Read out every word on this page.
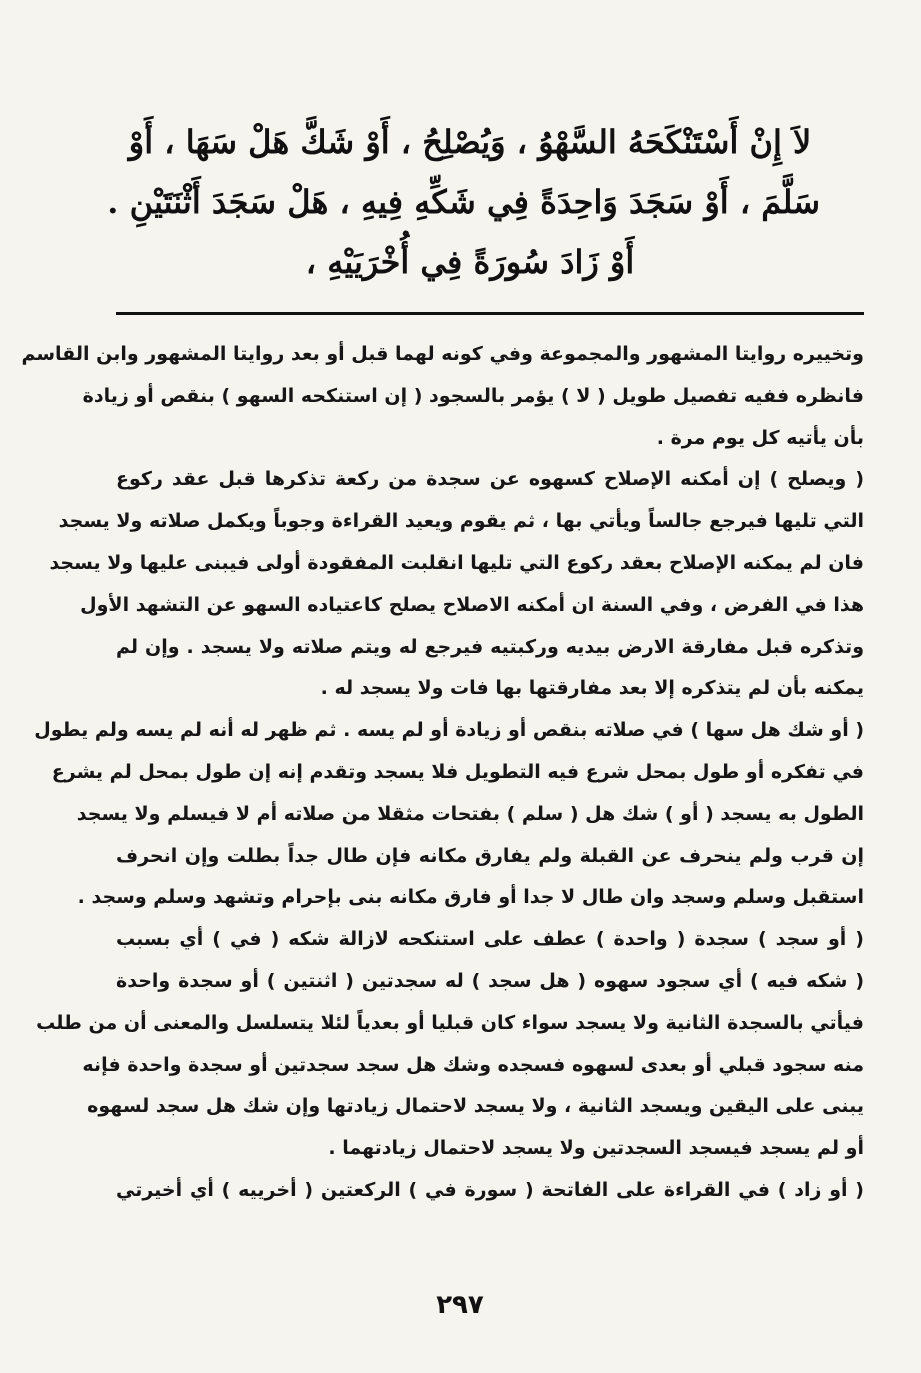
لاَ إِنْ أَسْتَنْكَحَهُ السَّهْوُ ، وَيُصْلِحُ ، أَوْ شَكَّ هَلْ سَهَا ، أَوْ
سَلَّمَ ، أَوْ سَجَدَ وَاحِدَةً فِي شَكِّهِ فِيهِ ، هَلْ سَجَدَ أَثْنَتَيْنِ .
أَوْ زَادَ سُورَةً فِي أُخْرَيَيْهِ ،
وتخييره روايتا المشهور والمجموعة وفي كونه لهما قبل أو بعد روايتا المشهور وابن القاسم
فانظره ففيه تفصيل طويل ( لا ) يؤمر بالسجود ( إن استنكحه السهو ) بنقص أو زيادة
بأن يأتيه كل يوم مرة .
( ويصلح ) إن أمكنه الإصلاح كسهوه عن سجدة من ركعة تذكرها قبل عقد ركوع
التي تليها فيرجع جالساً ويأتي بها ، ثم يقوم ويعيد القراءة وجوباً ويكمل صلاته ولا يسجد
فان لم يمكنه الإصلاح بعقد ركوع التي تليها انقلبت المفقودة أولى فيبنى عليها ولا يسجد
هذا في الفرض ، وفي السنة ان أمكنه الاصلاح يصلح كاعتياده السهو عن التشهد الأول
وتذكره قبل مفارقة الارض بيديه وركبتيه فيرجع له ويتم صلاته ولا يسجد . وإن لم
يمكنه بأن لم يتذكره إلا بعد مفارقتها بها فات ولا يسجد له .
( أو شك هل سها ) في صلاته بنقص أو زيادة أو لم يسه . ثم ظهر له أنه لم يسه ولم يطول
في تفكره أو طول بمحل شرع فيه التطويل فلا يسجد وتقدم إنه إن طول بمحل لم يشرع
الطول به يسجد ( أو ) شك هل ( سلم ) بفتحات مثقلا من صلاته أم لا فيسلم ولا يسجد
إن قرب ولم ينحرف عن القبلة ولم يفارق مكانه فإن طال جداً بطلت وإن انحرف
استقبل وسلم وسجد وان طال لا جدا أو فارق مكانه بنى بإحرام وتشهد وسلم وسجد .
( أو سجد ) سجدة ( واحدة ) عطف على استنكحه لازالة شكه ( في ) أي بسبب
( شكه فيه ) أي سجود سهوه ( هل سجد ) له سجدتين ( اثنتين ) أو سجدة واحدة
فيأتي بالسجدة الثانية ولا يسجد سواء كان قبليا أو بعدياً لئلا يتسلسل والمعنى أن من طلب
منه سجود قبلي أو بعدى لسهوه فسجده وشك هل سجد سجدتين أو سجدة واحدة فإنه
يبنى على اليقين ويسجد الثانية ، ولا يسجد لاحتمال زيادتها وإن شك هل سجد لسهوه
أو لم يسجد فيسجد السجدتين ولا يسجد لاحتمال زيادتهما .
( أو زاد ) في القراءة على الفاتحة ( سورة في ) الركعتين ( أخرييه ) أي أخيرتي
٢٩٧
